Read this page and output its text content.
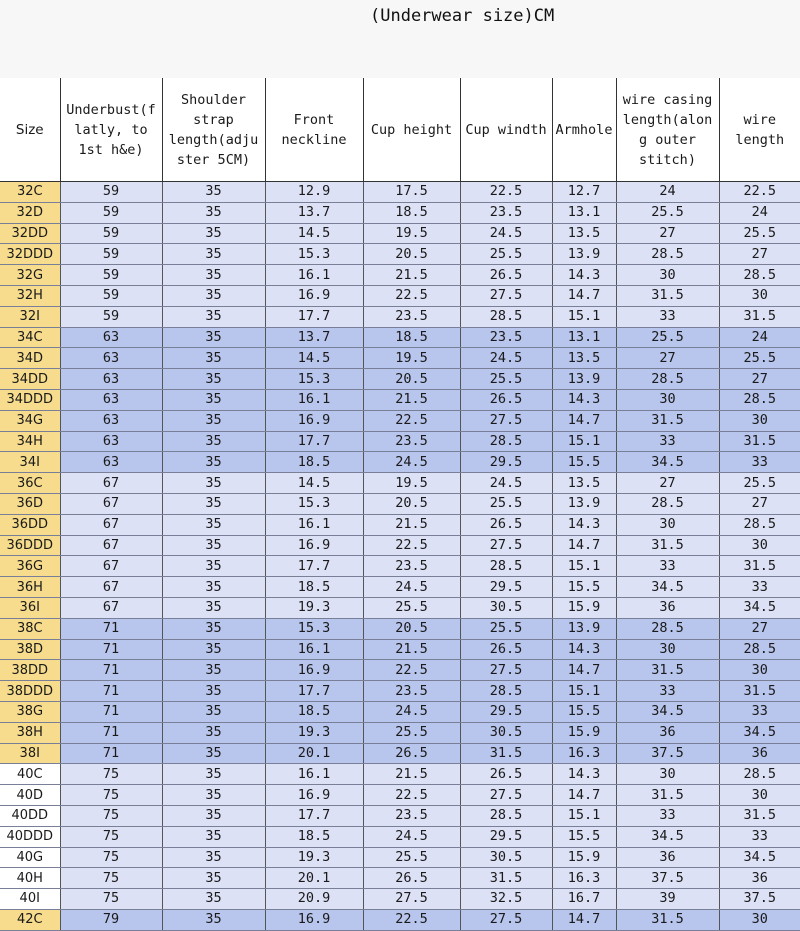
(Underwear size)CM
Size	Underbust(f latly, to 1st h&e)	Shoulder strap length(adju ster 5CM)	Front neckline	Cup height	Cup windth	Armhole	wire casing length(alon g outer stitch)	wire length
32C	59	35	12.9	17.5	22.5	12.7	24	22.5
32D	59	35	13.7	18.5	23.5	13.1	25.5	24
32DD	59	35	14.5	19.5	24.5	13.5	27	25.5
32DDD	59	35	15.3	20.5	25.5	13.9	28.5	27
32G	59	35	16.1	21.5	26.5	14.3	30	28.5
32H	59	35	16.9	22.5	27.5	14.7	31.5	30
32I	59	35	17.7	23.5	28.5	15.1	33	31.5
34C	63	35	13.7	18.5	23.5	13.1	25.5	24
34D	63	35	14.5	19.5	24.5	13.5	27	25.5
34DD	63	35	15.3	20.5	25.5	13.9	28.5	27
34DDD	63	35	16.1	21.5	26.5	14.3	30	28.5
34G	63	35	16.9	22.5	27.5	14.7	31.5	30
34H	63	35	17.7	23.5	28.5	15.1	33	31.5
34I	63	35	18.5	24.5	29.5	15.5	34.5	33
36C	67	35	14.5	19.5	24.5	13.5	27	25.5
36D	67	35	15.3	20.5	25.5	13.9	28.5	27
36DD	67	35	16.1	21.5	26.5	14.3	30	28.5
36DDD	67	35	16.9	22.5	27.5	14.7	31.5	30
36G	67	35	17.7	23.5	28.5	15.1	33	31.5
36H	67	35	18.5	24.5	29.5	15.5	34.5	33
36I	67	35	19.3	25.5	30.5	15.9	36	34.5
38C	71	35	15.3	20.5	25.5	13.9	28.5	27
38D	71	35	16.1	21.5	26.5	14.3	30	28.5
38DD	71	35	16.9	22.5	27.5	14.7	31.5	30
38DDD	71	35	17.7	23.5	28.5	15.1	33	31.5
38G	71	35	18.5	24.5	29.5	15.5	34.5	33
38H	71	35	19.3	25.5	30.5	15.9	36	34.5
38I	71	35	20.1	26.5	31.5	16.3	37.5	36
40C	75	35	16.1	21.5	26.5	14.3	30	28.5
40D	75	35	16.9	22.5	27.5	14.7	31.5	30
40DD	75	35	17.7	23.5	28.5	15.1	33	31.5
40DDD	75	35	18.5	24.5	29.5	15.5	34.5	33
40G	75	35	19.3	25.5	30.5	15.9	36	34.5
40H	75	35	20.1	26.5	31.5	16.3	37.5	36
40I	75	35	20.9	27.5	32.5	16.7	39	37.5
42C	79	35	16.9	22.5	27.5	14.7	31.5	30
